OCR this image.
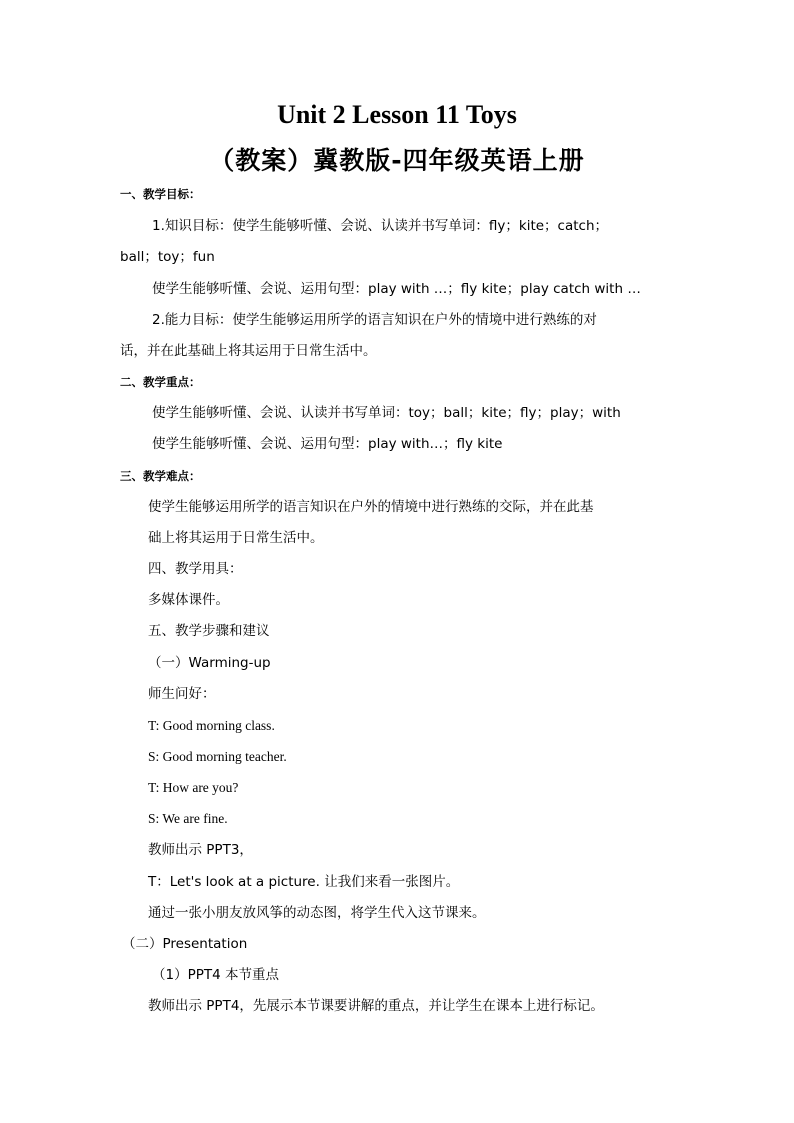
Unit 2 Lesson 11 Toys
（教案）冀教版-四年级英语上册
一、教学目标：
1.知识目标：使学生能够听懂、会说、认读并书写单词：fly；kite；catch；
ball；toy；fun
使学生能够听懂、会说、运用句型：play with …；fly kite；play catch with …
2.能力目标：使学生能够运用所学的语言知识在户外的情境中进行熟练的对
话，并在此基础上将其运用于日常生活中。
二、教学重点：
使学生能够听懂、会说、认读并书写单词：toy；ball；kite；fly；play；with
使学生能够听懂、会说、运用句型：play with…；fly kite
三、教学难点：
使学生能够运用所学的语言知识在户外的情境中进行熟练的交际，并在此基
础上将其运用于日常生活中。
四、教学用具：
多媒体课件。
五、教学步骤和建议
（一）Warming-up
师生问好：
T: Good morning class.
S: Good morning teacher.
T: How are you?
S: We are fine.
教师出示 PPT3，
T：Let's look at a picture. 让我们来看一张图片。
通过一张小朋友放风筝的动态图，将学生代入这节课来。
（二）Presentation
（1）PPT4 本节重点
教师出示 PPT4，先展示本节课要讲解的重点，并让学生在课本上进行标记。
